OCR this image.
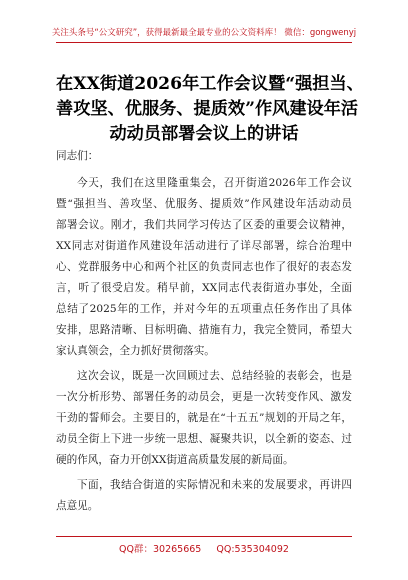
关注头条号“公文研究”，获得最新最全最专业的公文资料库！ 微信：gongwenyj
在XX街道2026年工作会议暨“强担当、
善攻坚、优服务、提质效”作风建设年活
动动员部署会议上的讲话
同志们：

今天，我们在这里隆重集会，召开街道2026年工作会议
暨“强担当、善攻坚、优服务、提质效”作风建设年活动动员
部署会议。刚才，我们共同学习传达了区委的重要会议精神，
XX同志对街道作风建设年活动进行了详尽部署，综合治理中
心、党群服务中心和两个社区的负责同志也作了很好的表态发
言，听了很受启发。稍早前，XX同志代表街道办事处，全面
总结了2025年的工作，并对今年的五项重点任务作出了具体
安排，思路清晰、目标明确、措施有力，我完全赞同，希望大
家认真领会，全力抓好贯彻落实。

这次会议，既是一次回顾过去、总结经验的表彰会，也是
一次分析形势、部署任务的动员会，更是一次转变作风、激发
干劲的誓师会。主要目的，就是在“十五五”规划的开局之年，
动员全街上下进一步统一思想、凝聚共识，以全新的姿态、过
硬的作风，奋力开创XX街道高质量发展的新局面。

下面，我结合街道的实际情况和未来的发展要求，再讲四
点意见。

QQ群：30265665 QQ:535304092
